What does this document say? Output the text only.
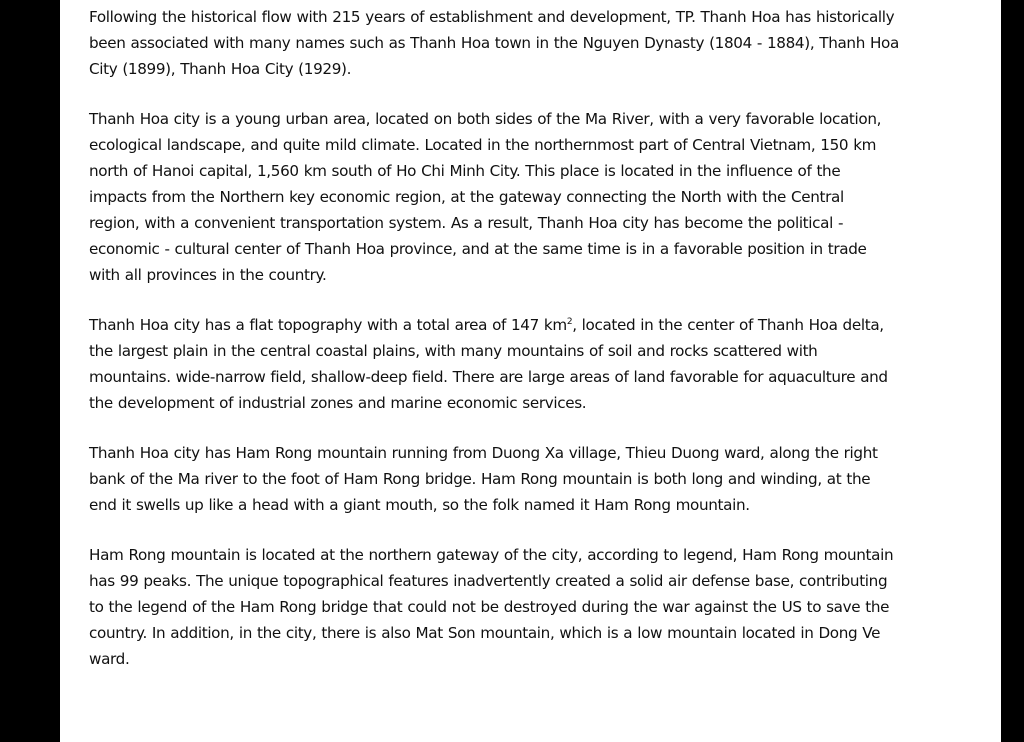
Following the historical flow with 215 years of establishment and development, TP. Thanh Hoa has historically been associated with many names such as Thanh Hoa town in the Nguyen Dynasty (1804 - 1884), Thanh Hoa City (1899), Thanh Hoa City (1929).

Thanh Hoa city is a young urban area, located on both sides of the Ma River, with a very favorable location, ecological landscape, and quite mild climate. Located in the northernmost part of Central Vietnam, 150 km north of Hanoi capital, 1,560 km south of Ho Chi Minh City. This place is located in the influence of the impacts from the Northern key economic region, at the gateway connecting the North with the Central region, with a convenient transportation system. As a result, Thanh Hoa city has become the political - economic - cultural center of Thanh Hoa province, and at the same time is in a favorable position in trade with all provinces in the country.

Thanh Hoa city has a flat topography with a total area of 147 $km^2$, located in the center of Thanh Hoa delta, the largest plain in the central coastal plains, with many mountains of soil and rocks scattered with mountains. wide-narrow field, shallow-deep field. There are large areas of land favorable for aquaculture and the development of industrial zones and marine economic services.

Thanh Hoa city has Ham Rong mountain running from Duong Xa village, Thieu Duong ward, along the right bank of the Ma river to the foot of Ham Rong bridge. Ham Rong mountain is both long and winding, at the end it swells up like a head with a giant mouth, so the folk named it Ham Rong mountain.

Ham Rong mountain is located at the northern gateway of the city, according to legend, Ham Rong mountain has 99 peaks. The unique topographical features inadvertently created a solid air defense base, contributing to the legend of the Ham Rong bridge that could not be destroyed during the war against the US to save the country. In addition, in the city, there is also Mat Son mountain, which is a low mountain located in Dong Ve ward.
